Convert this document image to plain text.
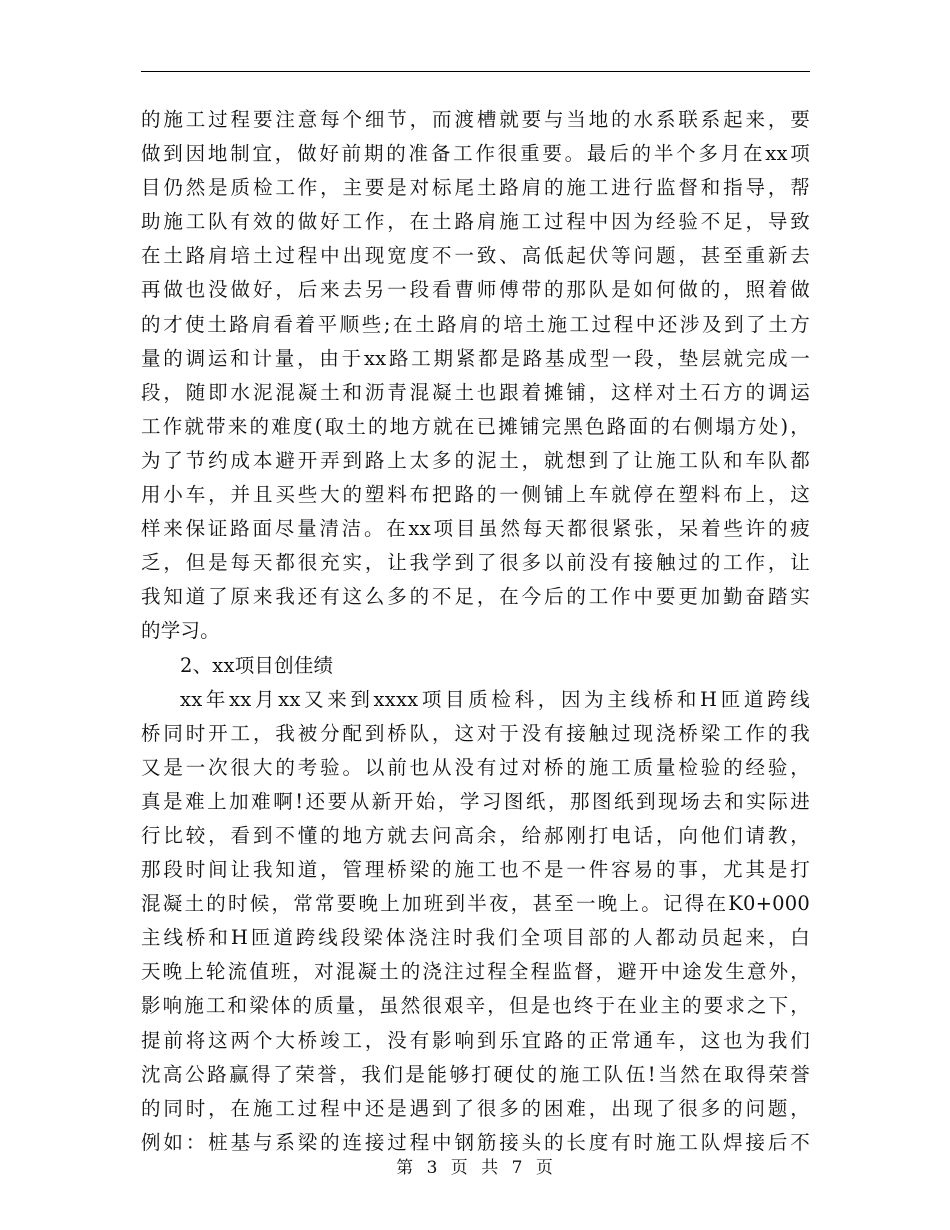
的施工过程要注意每个细节，而渡槽就要与当地的水系联系起来，要
做到因地制宜，做好前期的准备工作很重要。最后的半个多月在xx项
目仍然是质检工作，主要是对标尾土路肩的施工进行监督和指导，帮
助施工队有效的做好工作，在土路肩施工过程中因为经验不足，导致
在土路肩培土过程中出现宽度不一致、高低起伏等问题，甚至重新去
再做也没做好，后来去另一段看曹师傅带的那队是如何做的，照着做
的才使土路肩看着平顺些;在土路肩的培土施工过程中还涉及到了土方
量的调运和计量，由于xx路工期紧都是路基成型一段，垫层就完成一
段，随即水泥混凝土和沥青混凝土也跟着摊铺，这样对土石方的调运
工作就带来的难度(取土的地方就在已摊铺完黑色路面的右侧塌方处)，
为了节约成本避开弄到路上太多的泥土，就想到了让施工队和车队都
用小车，并且买些大的塑料布把路的一侧铺上车就停在塑料布上，这
样来保证路面尽量清洁。在xx项目虽然每天都很紧张，呆着些许的疲
乏，但是每天都很充实，让我学到了很多以前没有接触过的工作，让
我知道了原来我还有这么多的不足，在今后的工作中要更加勤奋踏实
的学习。
2、xx项目创佳绩
xx年xx月xx又来到xxxx项目质检科，因为主线桥和H匝道跨线
桥同时开工，我被分配到桥队，这对于没有接触过现浇桥梁工作的我
又是一次很大的考验。以前也从没有过对桥的施工质量检验的经验，
真是难上加难啊!还要从新开始，学习图纸，那图纸到现场去和实际进
行比较，看到不懂的地方就去问高余，给郝刚打电话，向他们请教，
那段时间让我知道，管理桥梁的施工也不是一件容易的事，尤其是打
混凝土的时候，常常要晚上加班到半夜，甚至一晚上。记得在K0+000
主线桥和H匝道跨线段梁体浇注时我们全项目部的人都动员起来，白
天晚上轮流值班，对混凝土的浇注过程全程监督，避开中途发生意外，
影响施工和梁体的质量，虽然很艰辛，但是也终于在业主的要求之下，
提前将这两个大桥竣工，没有影响到乐宜路的正常通车，这也为我们
沈高公路赢得了荣誉，我们是能够打硬仗的施工队伍!当然在取得荣誉
的同时，在施工过程中还是遇到了很多的困难，出现了很多的问题，
例如：桩基与系梁的连接过程中钢筋接头的长度有时施工队焊接后不
第 3 页 共 7 页
